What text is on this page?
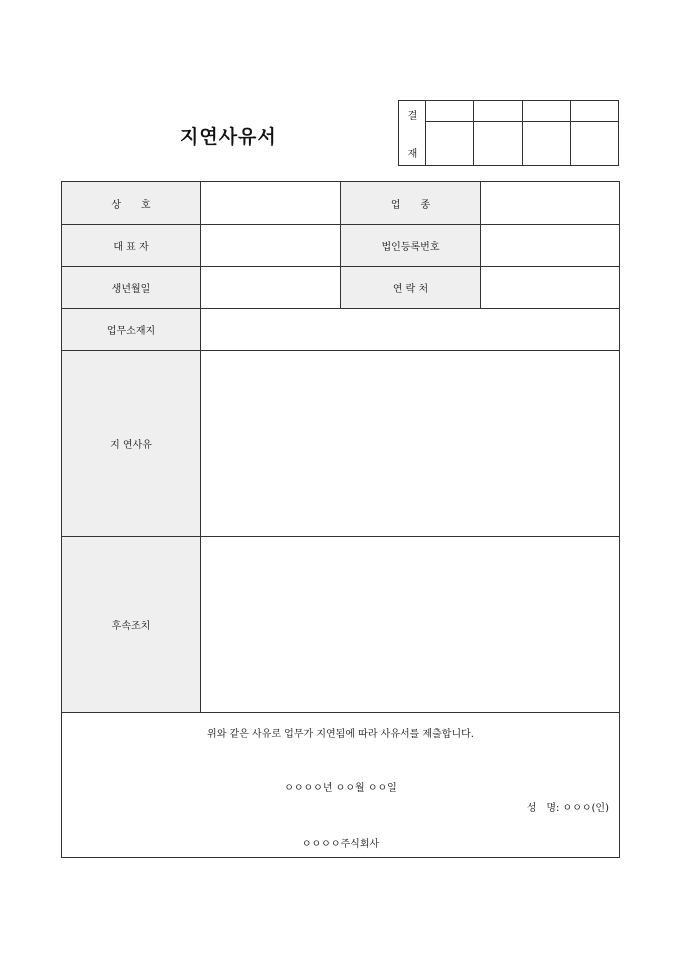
지연사유서
결
재
상　　호		업　　종	
대 표 자		법인등록번호	
생년월일		연 락 처	
업무소재지			
지 연사유			
후속조치			

위와 같은 사유로 업무가 지연됨에 따라 사유서를 제출합니다.
ㅇㅇㅇㅇ년 ㅇㅇ월 ㅇㅇ일
성　명: ㅇㅇㅇ(인)
ㅇㅇㅇㅇ주식회사			
